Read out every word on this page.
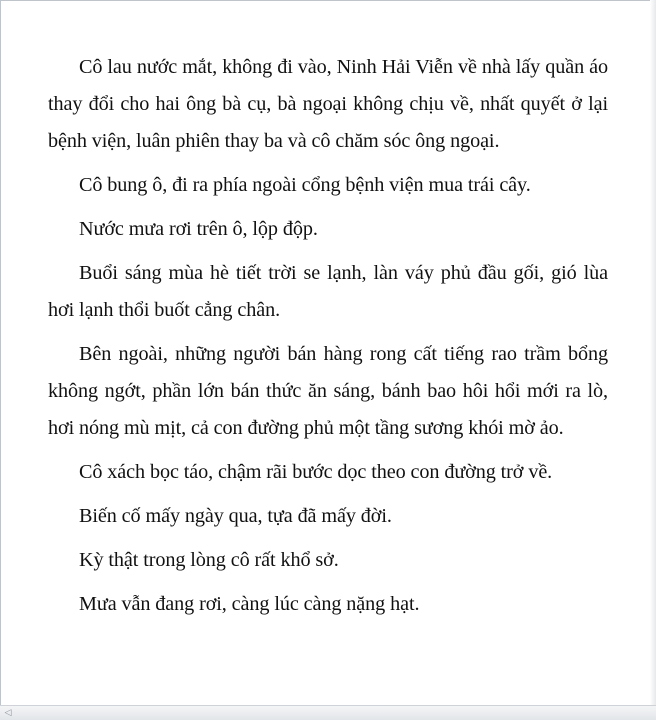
Cô lau nước mắt, không đi vào, Ninh Hải Viễn về nhà lấy quần áo thay đổi cho hai ông bà cụ, bà ngoại không chịu về, nhất quyết ở lại bệnh viện, luân phiên thay ba và cô chăm sóc ông ngoại.

Cô bung ô, đi ra phía ngoài cổng bệnh viện mua trái cây.

Nước mưa rơi trên ô, lộp độp.

Buổi sáng mùa hè tiết trời se lạnh, làn váy phủ đầu gối, gió lùa hơi lạnh thổi buốt cẳng chân.

Bên ngoài, những người bán hàng rong cất tiếng rao trầm bổng không ngớt, phần lớn bán thức ăn sáng, bánh bao hôi hổi mới ra lò, hơi nóng mù mịt, cả con đường phủ một tầng sương khói mờ ảo.

Cô xách bọc táo, chậm rãi bước dọc theo con đường trở về.

Biến cố mấy ngày qua, tựa đã mấy đời.

Kỳ thật trong lòng cô rất khổ sở.

Mưa vẫn đang rơi, càng lúc càng nặng hạt.

◁
